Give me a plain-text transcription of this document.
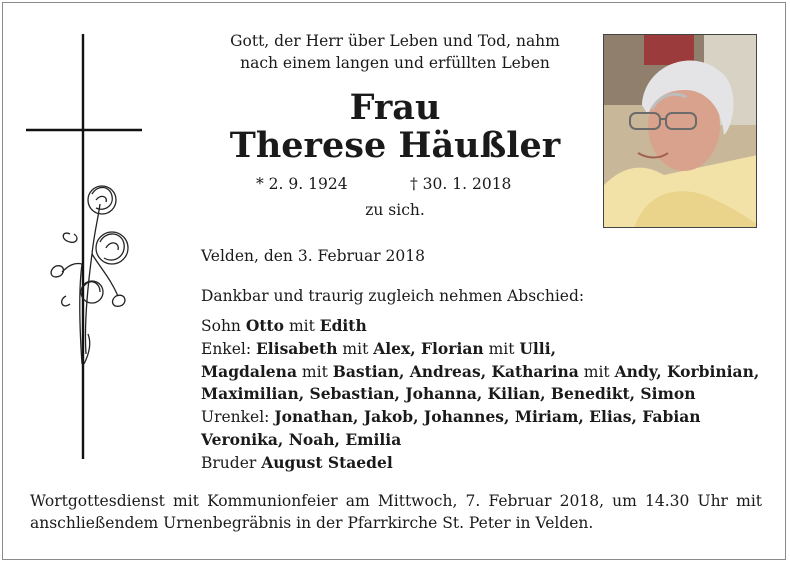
Gott, der Herr über Leben und Tod, nahm
nach einem langen und erfüllten Leben
Frau
Therese Häußler
* 2. 9. 1924	† 30. 1. 2018
zu sich.
Velden, den 3. Februar 2018
Dankbar und traurig zugleich nehmen Abschied:
Sohn Otto mit Edith
Enkel: Elisabeth mit Alex, Florian mit Ulli,
Magdalena mit Bastian, Andreas, Katharina mit Andy, Korbinian,
Maximilian, Sebastian, Johanna, Kilian, Benedikt, Simon
Urenkel: Jonathan, Jakob, Johannes, Miriam, Elias, Fabian
Veronika, Noah, Emilia
Bruder August Staedel
Wortgottesdienst mit Kommunionfeier am Mittwoch, 7. Februar 2018, um 14.30 Uhr mit anschließendem Urnenbegräbnis in der Pfarrkirche St. Peter in Velden.
